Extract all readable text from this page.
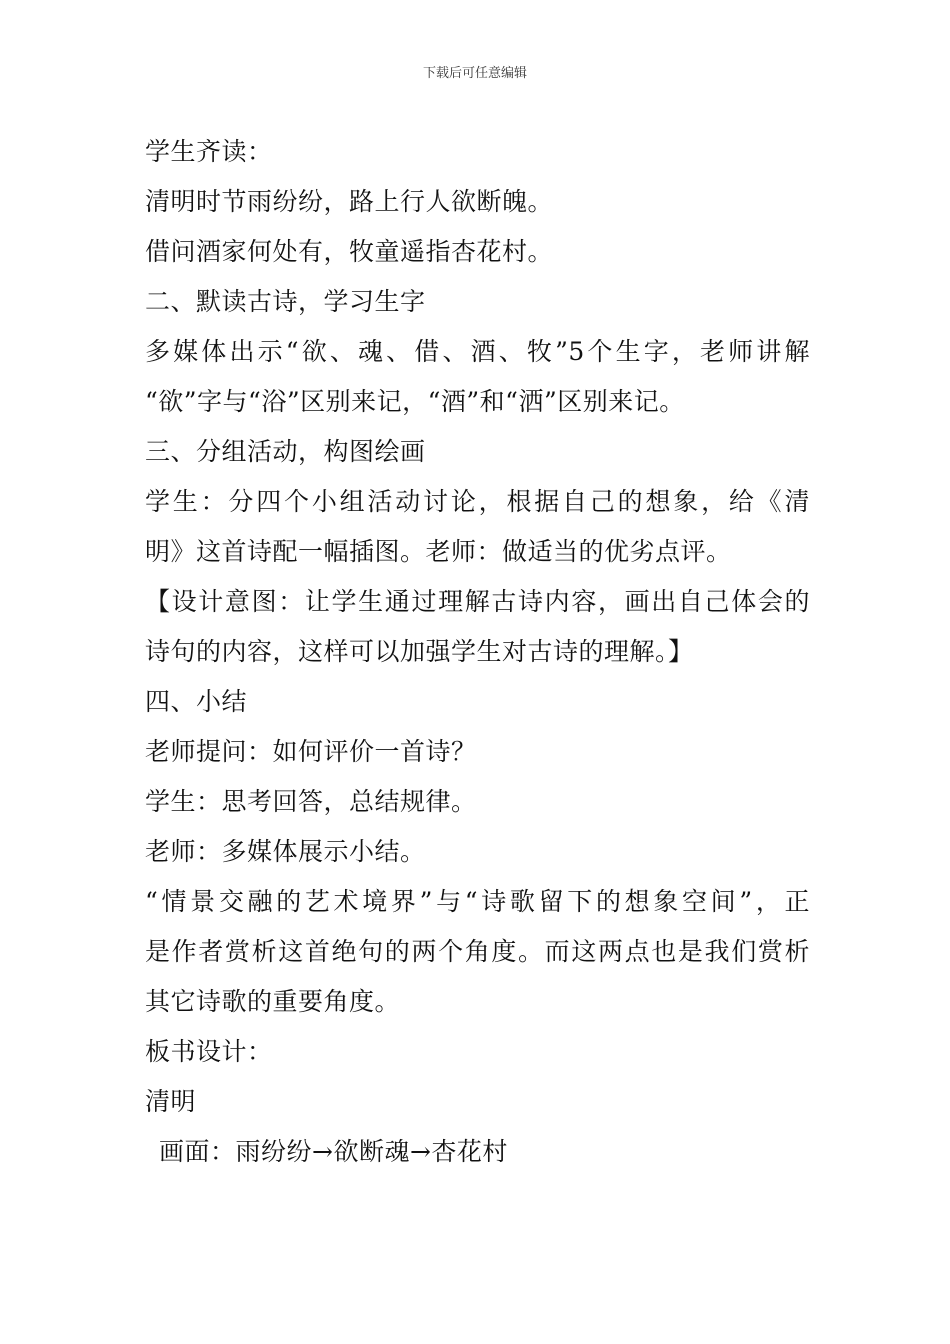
下载后可任意编辑
学生齐读：
清明时节雨纷纷，路上行人欲断魄。
借问酒家何处有，牧童遥指杏花村。
二、默读古诗，学习生字
多媒体出示“欲、魂、借、酒、牧”5个生字，老师讲解
“欲”字与“浴”区别来记，“酒”和“洒”区别来记。
三、分组活动，构图绘画
学生：分四个小组活动讨论，根据自己的想象，给《清
明》这首诗配一幅插图。老师：做适当的优劣点评。
【设计意图：让学生通过理解古诗内容，画出自己体会的
诗句的内容，这样可以加强学生对古诗的理解。】
四、小结
老师提问：如何评价一首诗？
学生：思考回答，总结规律。
老师：多媒体展示小结。
“情景交融的艺术境界”与“诗歌留下的想象空间”，正
是作者赏析这首绝句的两个角度。而这两点也是我们赏析
其它诗歌的重要角度。
板书设计：
清明
画面：雨纷纷→欲断魂→杏花村
